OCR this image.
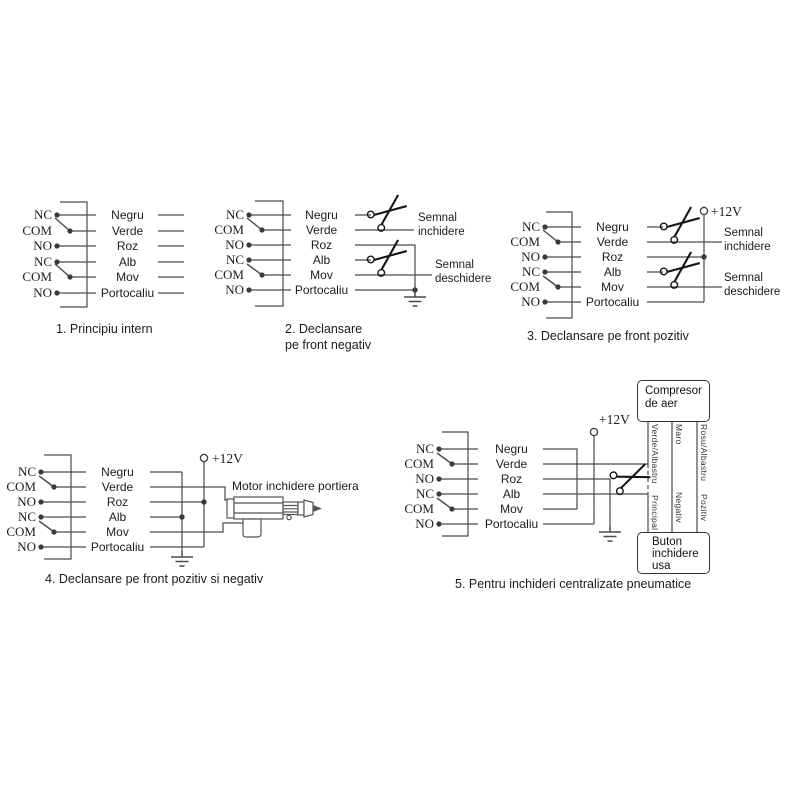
NC
COM
NO
NC
COM
NO
Negru
Verde
Roz
Alb
Mov
Portocaliu
1. Principiu intern
NC
COM
NO
NC
COM
NO
Negru
Verde
Roz
Alb
Mov
Portocaliu
Semnal inchidere
Semnal deschidere
2. Declansare
pe front negativ
NC
COM
NO
NC
COM
NO
Negru
Verde
Roz
Alb
Mov
Portocaliu
+12V
Semnal inchidere
Semnal deschidere
3. Declansare pe front pozitiv
NC
COM
NO
NC
COM
NO
Negru
Verde
Roz
Alb
Mov
Portocaliu
+12V
Motor inchidere portiera
4. Declansare pe front pozitiv si negativ
NC
COM
NO
NC
COM
NO
Negru
Verde
Roz
Alb
Mov
Portocaliu
+12V
Compresor de aer
Buton inchidere usa
Verde/Albastru Maro Rosu/Albastru
Principal Negativ Pozitiv
5. Pentru inchideri centralizate pneumatice
